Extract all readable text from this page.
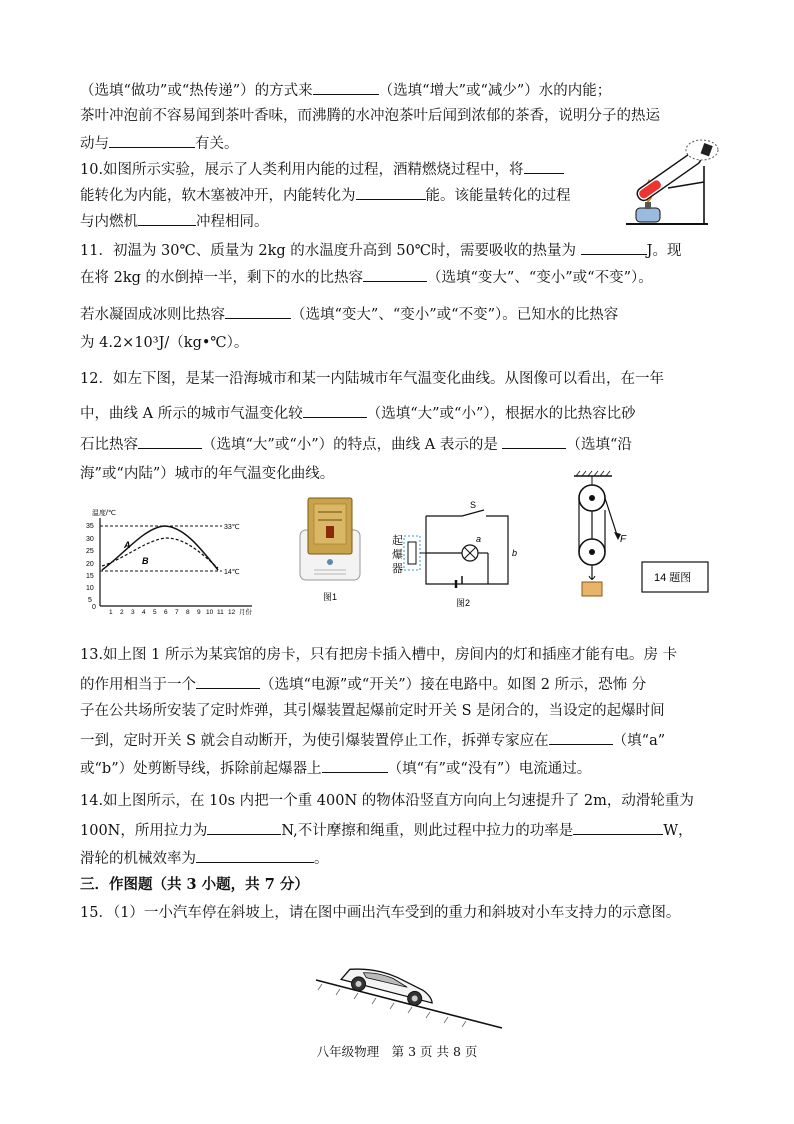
（选填“做功”或“热传递”）的方式来	（选填“增大”或“减少”）水的内能；
茶叶冲泡前不容易闻到茶叶香味，而沸腾的水冲泡茶叶后闻到浓郁的茶香，说明分子的热运
动与	有关。
10.如图所示实验，展示了人类利用内能的过程，酒精燃烧过程中，将
能转化为内能，软木塞被冲开，内能转化为	能。该能量转化的过程
与内燃机	冲程相同。
11．初温为 30℃、质量为 2kg 的水温度升高到 50℃时，需要吸收的热量为	J。现
在将 2kg 的水倒掉一半，剩下的水的比热容	（选填“变大”、“变小”或“不变”）。
若水凝固成冰则比热容	（选填“变大”、“变小”或“不变”）。已知水的比热容
为 4.2×10³J/（kg•℃）。
12．如左下图，是某一沿海城市和某一内陆城市年气温变化曲线。从图像可以看出，在一年
中，曲线 A 所示的城市气温变化较	（选填“大”或“小”），根据水的比热容比砂
石比热容	（选填“大”或“小”）的特点，曲线 A 表示的是	（选填“沿
海”或“内陆”）城市的年气温变化曲线。
温度/℃
35
30
25
20
15
10
5
0
1 2 3 4 5 6 7 8 9 10 11 12 月份
33℃
14℃
A
B
图1
起
爆
器
S
a
b
图2
F
14 题图
13.如上图 1 所示为某宾馆的房卡，只有把房卡插入槽中，房间内的灯和插座才能有电。房 卡
的作用相当于一个	（选填“电源”或“开关”）接在电路中。如图 2 所示，恐怖 分
子在公共场所安装了定时炸弹，其引爆装置起爆前定时开关 S 是闭合的，当设定的起爆时间
一到，定时开关 S 就会自动断开，为使引爆装置停止工作，拆弹专家应在	（填“a”
或“b”）处剪断导线，拆除前起爆器上	（填“有”或“没有”）电流通过。
14.如上图所示，在 10s 内把一个重 400N 的物体沿竖直方向向上匀速提升了 2m，动滑轮重为
100N，所用拉力为	N,不计摩擦和绳重，则此过程中拉力的功率是	W，
滑轮的机械效率为	。
三．作图题（共 3 小题，共 7 分）
15．（1）一小汽车停在斜坡上，请在图中画出汽车受到的重力和斜坡对小车支持力的示意图。
八年级物理　第 3 页 共 8 页
